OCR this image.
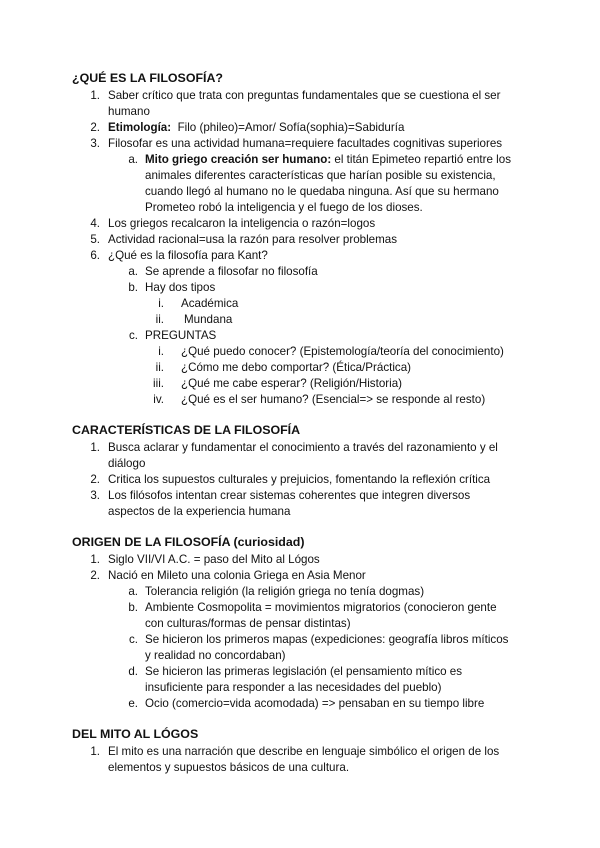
¿QUÉ ES LA FILOSOFÍA?
1. Saber crítico que trata con preguntas fundamentales que se cuestiona el ser
humano
2. Etimología: Filo (phileo)=Amor/ Sofía(sophia)=Sabiduría
3. Filosofar es una actividad humana=requiere facultades cognitivas superiores
a. Mito griego creación ser humano: el titán Epimeteo repartió entre los
animales diferentes características que harían posible su existencia,
cuando llegó al humano no le quedaba ninguna. Así que su hermano
Prometeo robó la inteligencia y el fuego de los dioses.
4. Los griegos recalcaron la inteligencia o razón=logos
5. Actividad racional=usa la razón para resolver problemas
6. ¿Qué es la filosofía para Kant?
a. Se aprende a filosofar no filosofía
b. Hay dos tipos
i. Académica
ii. Mundana
c. PREGUNTAS
i. ¿Qué puedo conocer? (Epistemología/teoría del conocimiento)
ii. ¿Cómo me debo comportar? (Ética/Práctica)
iii. ¿Qué me cabe esperar? (Religión/Historia)
iv. ¿Qué es el ser humano? (Esencial=> se responde al resto)
CARACTERÍSTICAS DE LA FILOSOFÍA
1. Busca aclarar y fundamentar el conocimiento a través del razonamiento y el
diálogo
2. Critica los supuestos culturales y prejuicios, fomentando la reflexión crítica
3. Los filósofos intentan crear sistemas coherentes que integren diversos
aspectos de la experiencia humana
ORIGEN DE LA FILOSOFÍA (curiosidad)
1. Siglo VII/VI A.C. = paso del Mito al Lógos
2. Nació en Mileto una colonia Griega en Asia Menor
a. Tolerancia religión (la religión griega no tenía dogmas)
b. Ambiente Cosmopolita = movimientos migratorios (conocieron gente
con culturas/formas de pensar distintas)
c. Se hicieron los primeros mapas (expediciones: geografía libros míticos
y realidad no concordaban)
d. Se hicieron las primeras legislación (el pensamiento mítico es
insuficiente para responder a las necesidades del pueblo)
e. Ocio (comercio=vida acomodada) => pensaban en su tiempo libre
DEL MITO AL LÓGOS
1. El mito es una narración que describe en lenguaje simbólico el origen de los
elementos y supuestos básicos de una cultura.
